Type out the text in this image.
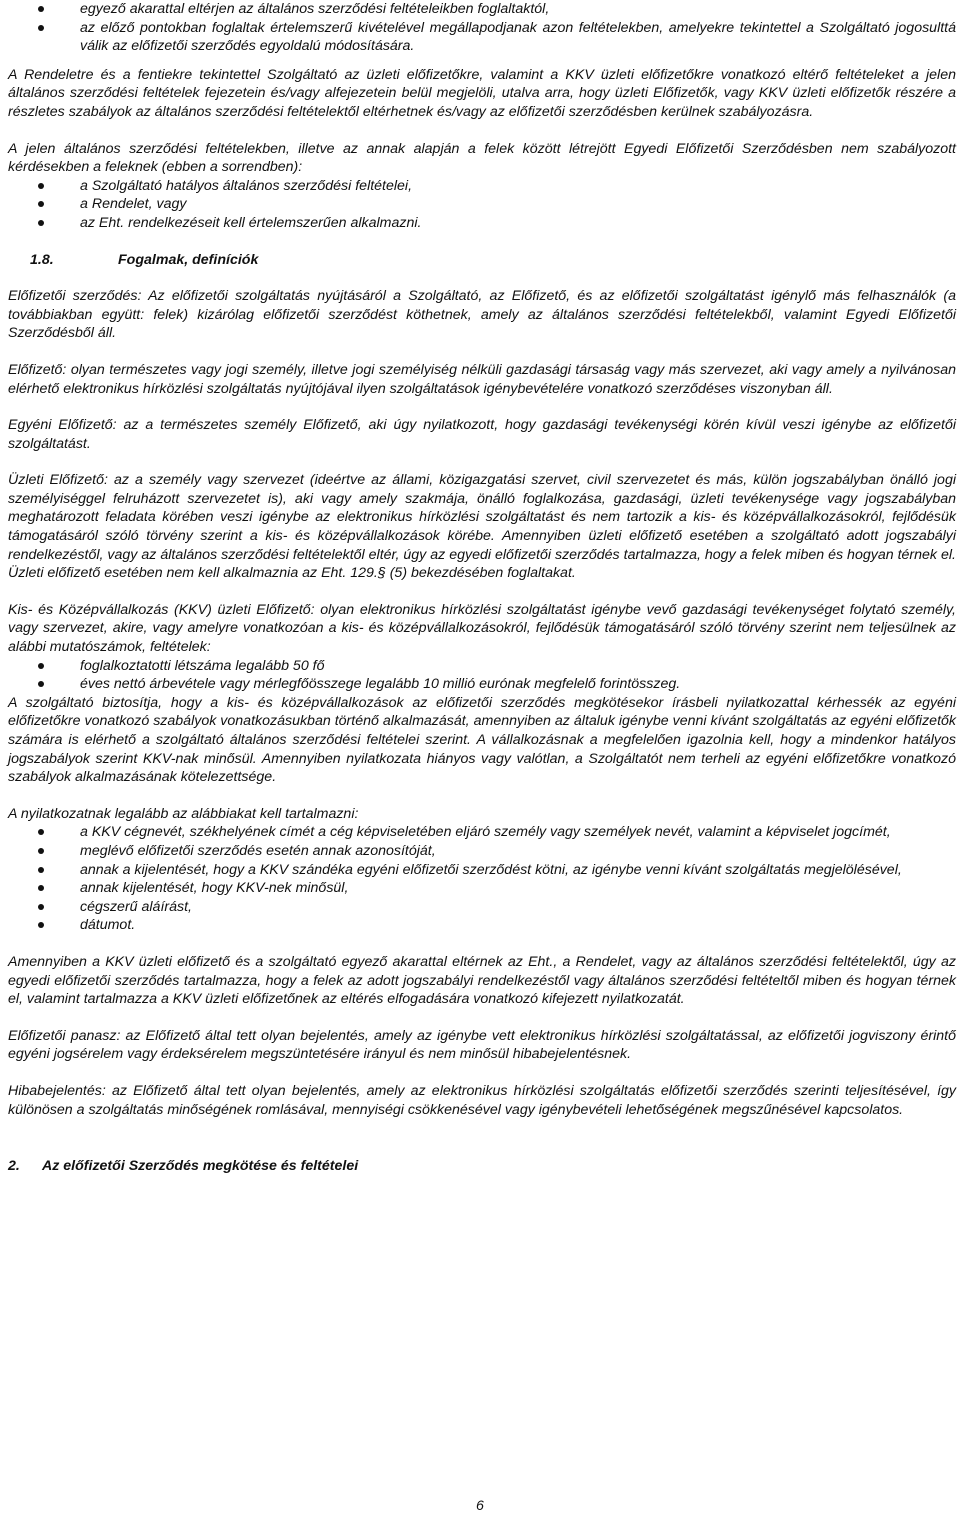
egyező akarattal eltérjen az általános szerződési feltételeikben foglaltaktól,
az előző pontokban foglaltak értelemszerű kivételével megállapodjanak azon feltételekben, amelyekre tekintettel a Szolgáltató jogosulttá válik az előfizetői szerződés egyoldalú módosítására.

A Rendeletre és a fentiekre tekintettel Szolgáltató az üzleti előfizetőkre, valamint a KKV üzleti előfizetőkre vonatkozó eltérő feltételeket a jelen általános szerződési feltételek fejezetein és/vagy alfejezetein belül megjelöli, utalva arra, hogy üzleti Előfizetők, vagy KKV üzleti előfizetők részére a részletes szabályok az általános szerződési feltételektől eltérhetnek és/vagy az előfizetői szerződésben kerülnek szabályozásra.

A jelen általános szerződési feltételekben, illetve az annak alapján a felek között létrejött Egyedi Előfizetői Szerződésben nem szabályozott kérdésekben a feleknek (ebben a sorrendben):

a Szolgáltató hatályos általános szerződési feltételei,
a Rendelet, vagy
az Eht. rendelkezéseit kell értelemszerűen alkalmazni.
1.8.	Fogalmak, definíciók

Előfizetői szerződés: Az előfizetői szolgáltatás nyújtásáról a Szolgáltató, az Előfizető, és az előfizetői szolgáltatást igénylő más felhasználók (a továbbiakban együtt: felek) kizárólag előfizetői szerződést köthetnek, amely az általános szerződési feltételekből, valamint Egyedi Előfizetői Szerződésből áll.

Előfizető: olyan természetes vagy jogi személy, illetve jogi személyiség nélküli gazdasági társaság vagy más szervezet, aki vagy amely a nyilvánosan elérhető elektronikus hírközlési szolgáltatás nyújtójával ilyen szolgáltatások igénybevételére vonatkozó szerződéses viszonyban áll.

Egyéni Előfizető: az a természetes személy Előfizető, aki úgy nyilatkozott, hogy gazdasági tevékenységi körén kívül veszi igénybe az előfizetői szolgáltatást.

Üzleti Előfizető: az a személy vagy szervezet (ideértve az állami, közigazgatási szervet, civil szervezetet és más, külön jogszabályban önálló jogi személyiséggel felruházott szervezetet is), aki vagy amely szakmája, önálló foglalkozása, gazdasági, üzleti tevékenysége vagy jogszabályban meghatározott feladata körében veszi igénybe az elektronikus hírközlési szolgáltatást és nem tartozik a kis- és középvállalkozásokról, fejlődésük támogatásáról szóló törvény szerint a kis- és középvállalkozások körébe. Amennyiben üzleti előfizető esetében a szolgáltató adott jogszabályi rendelkezéstől, vagy az általános szerződési feltételektől eltér, úgy az egyedi előfizetői szerződés tartalmazza, hogy a felek miben és hogyan térnek el. Üzleti előfizető esetében nem kell alkalmaznia az Eht. 129.§ (5) bekezdésében foglaltakat.

Kis- és Középvállalkozás (KKV) üzleti Előfizető: olyan elektronikus hírközlési szolgáltatást igénybe vevő gazdasági tevékenységet folytató személy, vagy szervezet, akire, vagy amelyre vonatkozóan a kis- és középvállalkozásokról, fejlődésük támogatásáról szóló törvény szerint nem teljesülnek az alábbi mutatószámok, feltételek:

foglalkoztatotti létszáma legalább 50 fő
éves nettó árbevétele vagy mérlegfőösszege legalább 10 millió eurónak megfelelő forintösszeg.

A szolgáltató biztosítja, hogy a kis- és középvállalkozások az előfizetői szerződés megkötésekor írásbeli nyilatkozattal kérhessék az egyéni előfizetőkre vonatkozó szabályok vonatkozásukban történő alkalmazását, amennyiben az általuk igénybe venni kívánt szolgáltatás az egyéni előfizetők számára is elérhető a szolgáltató általános szerződési feltételei szerint. A vállalkozásnak a megfelelően igazolnia kell, hogy a mindenkor hatályos jogszabályok szerint KKV-nak minősül. Amennyiben nyilatkozata hiányos vagy valótlan, a Szolgáltatót nem terheli az egyéni előfizetőkre vonatkozó szabályok alkalmazásának kötelezettsége.

A nyilatkozatnak legalább az alábbiakat kell tartalmazni:

a KKV cégnevét, székhelyének címét a cég képviseletében eljáró személy vagy személyek nevét, valamint a képviselet jogcímét,
meglévő előfizetői szerződés esetén annak azonosítóját,
annak a kijelentését, hogy a KKV szándéka egyéni előfizetői szerződést kötni, az igénybe venni kívánt szolgáltatás megjelölésével,
annak kijelentését, hogy KKV-nek minősül,
cégszerű aláírást,
dátumot.

Amennyiben a KKV üzleti előfizető és a szolgáltató egyező akarattal eltérnek az Eht., a Rendelet, vagy az általános szerződési feltételektől, úgy az egyedi előfizetői szerződés tartalmazza, hogy a felek az adott jogszabályi rendelkezéstől vagy általános szerződési feltételtől miben és hogyan térnek el, valamint tartalmazza a KKV üzleti előfizetőnek az eltérés elfogadására vonatkozó kifejezett nyilatkozatát.

Előfizetői panasz: az Előfizető által tett olyan bejelentés, amely az igénybe vett elektronikus hírközlési szolgáltatással, az előfizetői jogviszony érintő egyéni jogsérelem vagy érdeksérelem megszüntetésére irányul és nem minősül hibabejelentésnek.

Hibabejelentés: az Előfizető által tett olyan bejelentés, amely az elektronikus hírközlési szolgáltatás előfizetői szerződés szerinti teljesítésével, így különösen a szolgáltatás minőségének romlásával, mennyiségi csökkenésével vagy igénybevételi lehetőségének megszűnésével kapcsolatos.

2.	Az előfizetői Szerződés megkötése és feltételei
6
